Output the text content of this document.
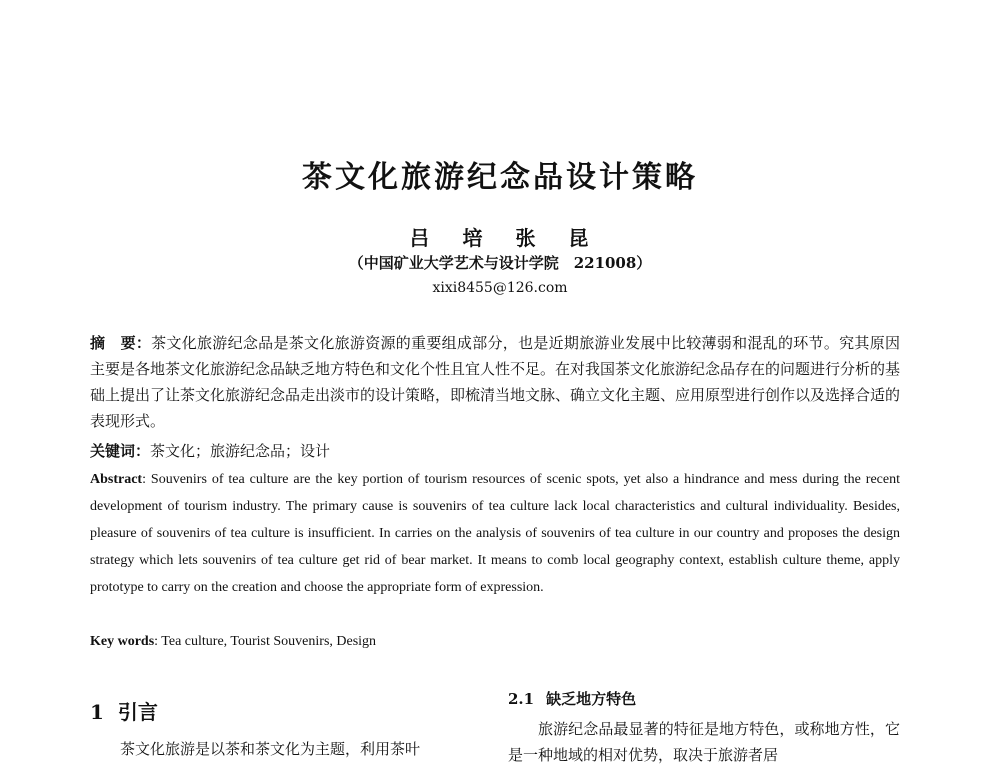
茶文化旅游纪念品设计策略
吕 培 张 昆
（中国矿业大学艺术与设计学院　221008）
xixi8455@126.com
摘　要：茶文化旅游纪念品是茶文化旅游资源的重要组成部分，也是近期旅游业发展中比较薄弱和混乱的环节。究其原因主要是各地茶文化旅游纪念品缺乏地方特色和文化个性且宜人性不足。在对我国茶文化旅游纪念品存在的问题进行分析的基础上提出了让茶文化旅游纪念品走出淡市的设计策略，即梳清当地文脉、确立文化主题、应用原型进行创作以及选择合适的表现形式。
关键词：茶文化；旅游纪念品；设计
Abstract: Souvenirs of tea culture are the key portion of tourism resources of scenic spots, yet also a hindrance and mess during the recent development of tourism industry. The primary cause is souvenirs of tea culture lack local characteristics and cultural individuality. Besides, pleasure of souvenirs of tea culture is insufficient. In carries on the analysis of souvenirs of tea culture in our country and proposes the design strategy which lets souvenirs of tea culture get rid of bear market. It means to comb local geography context, establish culture theme, apply prototype to carry on the creation and choose the appropriate form of expression.
Key words: Tea culture, Tourist Souvenirs, Design
1 引言
茶文化旅游是以茶和茶文化为主题，利用茶叶
2.1 缺乏地方特色
旅游纪念品最显著的特征是地方特色，或称地方性，它是一种地域的相对优势，取决于旅游者居
